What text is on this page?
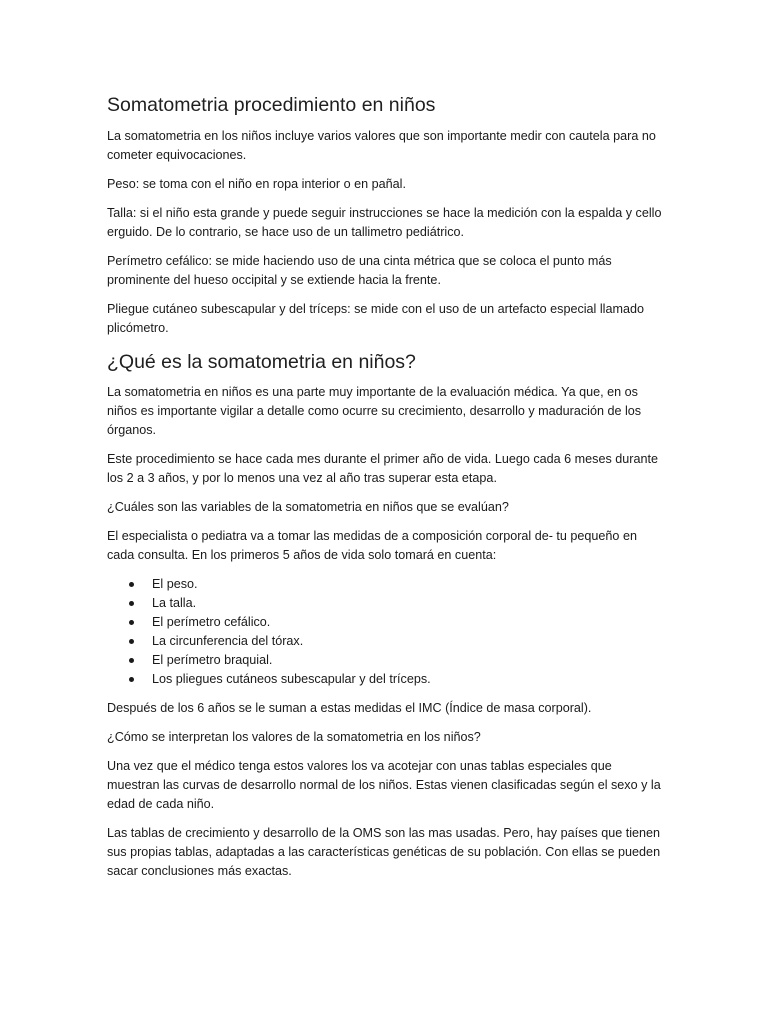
Somatometria procedimiento en niños

La somatometria en los niños incluye varios valores que son importante medir con cautela para no cometer equivocaciones.

Peso: se toma con el niño en ropa interior o en pañal.

Talla: si el niño esta grande y puede seguir instrucciones se hace la medición con la espalda y cello erguido. De lo contrario, se hace uso de un tallimetro pediátrico.

Perímetro cefálico: se mide haciendo uso de una cinta métrica que se coloca el punto más prominente del hueso occipital y se extiende hacia la frente.

Pliegue cutáneo subescapular y del tríceps: se mide con el uso de un artefacto especial llamado plicómetro.

¿Qué es la somatometria en niños?

La somatometria en niños es una parte muy importante de la evaluación médica. Ya que, en os niños es importante vigilar a detalle como ocurre su crecimiento, desarrollo y maduración de los órganos.

Este procedimiento se hace cada mes durante el primer año de vida. Luego cada 6 meses durante los 2 a 3 años, y por lo menos una vez al año tras superar esta etapa.

¿Cuáles son las variables de la somatometria en niños que se evalúan?

El especialista o pediatra va a tomar las medidas de a composición corporal de- tu pequeño en cada consulta. En los primeros 5 años de vida solo tomará en cuenta:

El peso.
La talla.
El perímetro cefálico.
La circunferencia del tórax.
El perímetro braquial.
Los pliegues cutáneos subescapular y del tríceps.

Después de los 6 años se le suman a estas medidas el IMC (Índice de masa corporal).

¿Cómo se interpretan los valores de la somatometria en los niños?

Una vez que el médico tenga estos valores los va acotejar con unas tablas especiales que muestran las curvas de desarrollo normal de los niños. Estas vienen clasificadas según el sexo y la edad de cada niño.

Las tablas de crecimiento y desarrollo de la OMS son las mas usadas. Pero, hay países que tienen sus propias tablas, adaptadas a las características genéticas de su población. Con ellas se pueden sacar conclusiones más exactas.
